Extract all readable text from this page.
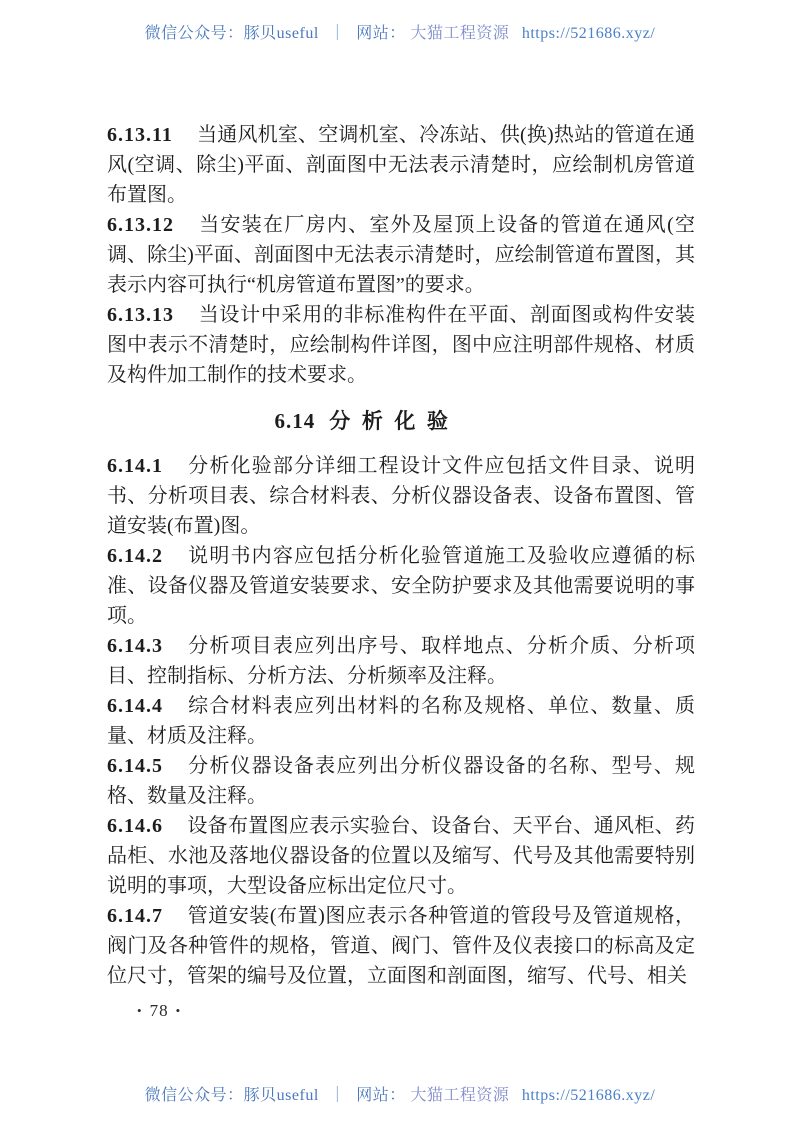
微信公众号：豚贝useful ｜ 网站： 大猫工程资源 https://521686.xyz/

6.13.11 当通风机室、空调机室、冷冻站、供(换)热站的管道在通风(空调、除尘)平面、剖面图中无法表示清楚时，应绘制机房管道布置图。

6.13.12 当安装在厂房内、室外及屋顶上设备的管道在通风(空调、除尘)平面、剖面图中无法表示清楚时，应绘制管道布置图，其表示内容可执行“机房管道布置图”的要求。

6.13.13 当设计中采用的非标准构件在平面、剖面图或构件安装图中表示不清楚时，应绘制构件详图，图中应注明部件规格、材质及构件加工制作的技术要求。

6.14 分析化验

6.14.1 分析化验部分详细工程设计文件应包括文件目录、说明书、分析项目表、综合材料表、分析仪器设备表、设备布置图、管道安装(布置)图。

6.14.2 说明书内容应包括分析化验管道施工及验收应遵循的标准、设备仪器及管道安装要求、安全防护要求及其他需要说明的事项。

6.14.3 分析项目表应列出序号、取样地点、分析介质、分析项目、控制指标、分析方法、分析频率及注释。

6.14.4 综合材料表应列出材料的名称及规格、单位、数量、质量、材质及注释。

6.14.5 分析仪器设备表应列出分析仪器设备的名称、型号、规格、数量及注释。

6.14.6 设备布置图应表示实验台、设备台、天平台、通风柜、药品柜、水池及落地仪器设备的位置以及缩写、代号及其他需要特别说明的事项，大型设备应标出定位尺寸。

6.14.7 管道安装(布置)图应表示各种管道的管段号及管道规格，阀门及各种管件的规格，管道、阀门、管件及仪表接口的标高及定位尺寸，管架的编号及位置，立面图和剖面图，缩写、代号、相关

• 78 •
微信公众号：豚贝useful ｜ 网站： 大猫工程资源 https://521686.xyz/
